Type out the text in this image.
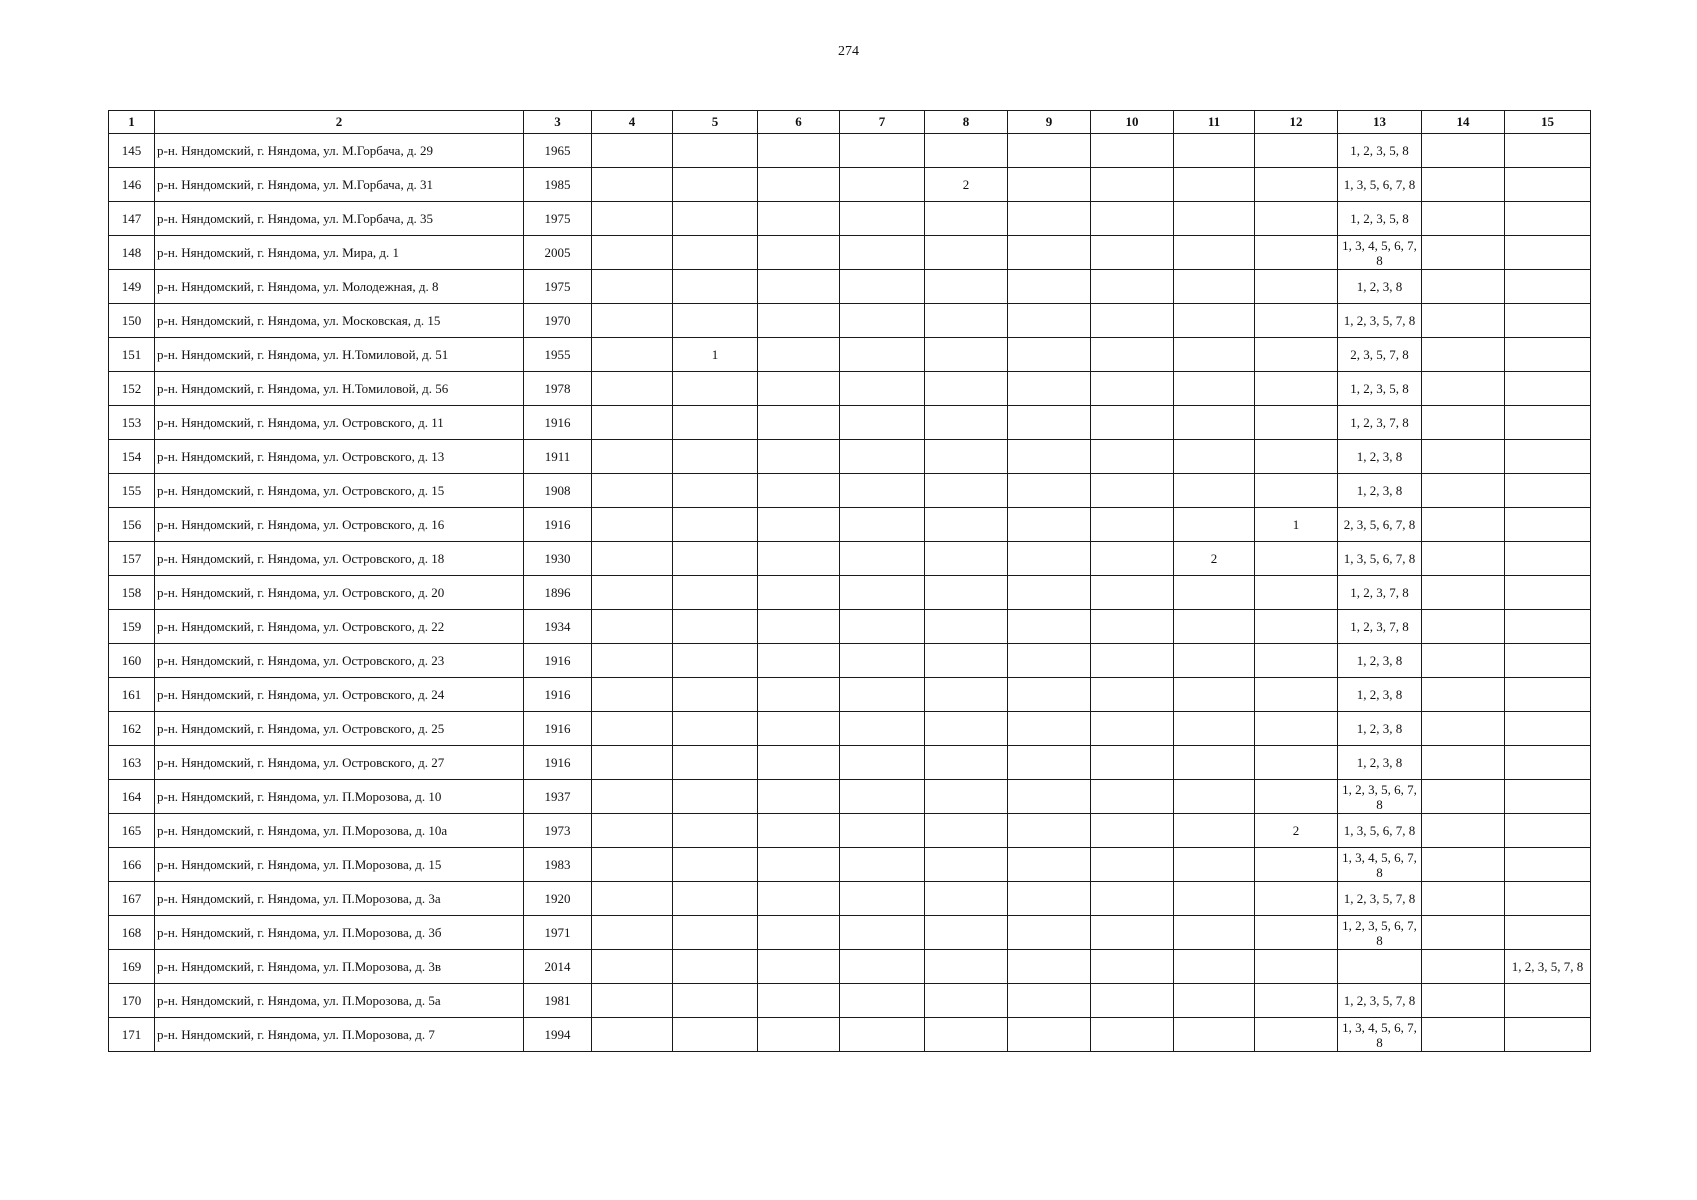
274
1	2	3	4	5	6	7	8	9	10	11	12	13	14	15
145	р-н. Няндомский, г. Няндома, ул. М.Горбача, д. 29	1965										1, 2, 3, 5, 8		
146	р-н. Няндомский, г. Няндома, ул. М.Горбача, д. 31	1985					2					1, 3, 5, 6, 7, 8		
147	р-н. Няндомский, г. Няндома, ул. М.Горбача, д. 35	1975										1, 2, 3, 5, 8		
148	р-н. Няндомский, г. Няндома, ул. Мира, д. 1	2005										1, 3, 4, 5, 6, 7, 8		
149	р-н. Няндомский, г. Няндома, ул. Молодежная, д. 8	1975										1, 2, 3, 8		
150	р-н. Няндомский, г. Няндома, ул. Московская, д. 15	1970										1, 2, 3, 5, 7, 8		
151	р-н. Няндомский, г. Няндома, ул. Н.Томиловой, д. 51	1955		1								2, 3, 5, 7, 8		
152	р-н. Няндомский, г. Няндома, ул. Н.Томиловой, д. 56	1978										1, 2, 3, 5, 8		
153	р-н. Няндомский, г. Няндома, ул. Островского, д. 11	1916										1, 2, 3, 7, 8		
154	р-н. Няндомский, г. Няндома, ул. Островского, д. 13	1911										1, 2, 3, 8		
155	р-н. Няндомский, г. Няндома, ул. Островского, д. 15	1908										1, 2, 3, 8		
156	р-н. Няндомский, г. Няндома, ул. Островского, д. 16	1916									1	2, 3, 5, 6, 7, 8		
157	р-н. Няндомский, г. Няндома, ул. Островского, д. 18	1930								2		1, 3, 5, 6, 7, 8		
158	р-н. Няндомский, г. Няндома, ул. Островского, д. 20	1896										1, 2, 3, 7, 8		
159	р-н. Няндомский, г. Няндома, ул. Островского, д. 22	1934										1, 2, 3, 7, 8		
160	р-н. Няндомский, г. Няндома, ул. Островского, д. 23	1916										1, 2, 3, 8		
161	р-н. Няндомский, г. Няндома, ул. Островского, д. 24	1916										1, 2, 3, 8		
162	р-н. Няндомский, г. Няндома, ул. Островского, д. 25	1916										1, 2, 3, 8		
163	р-н. Няндомский, г. Няндома, ул. Островского, д. 27	1916										1, 2, 3, 8		
164	р-н. Няндомский, г. Няндома, ул. П.Морозова, д. 10	1937										1, 2, 3, 5, 6, 7, 8		
165	р-н. Няндомский, г. Няндома, ул. П.Морозова, д. 10а	1973									2	1, 3, 5, 6, 7, 8		
166	р-н. Няндомский, г. Няндома, ул. П.Морозова, д. 15	1983										1, 3, 4, 5, 6, 7, 8		
167	р-н. Няндомский, г. Няндома, ул. П.Морозова, д. 3а	1920										1, 2, 3, 5, 7, 8		
168	р-н. Няндомский, г. Няндома, ул. П.Морозова, д. 3б	1971										1, 2, 3, 5, 6, 7, 8		
169	р-н. Няндомский, г. Няндома, ул. П.Морозова, д. 3в	2014												1, 2, 3, 5, 7, 8
170	р-н. Няндомский, г. Няндома, ул. П.Морозова, д. 5а	1981										1, 2, 3, 5, 7, 8		
171	р-н. Няндомский, г. Няндома, ул. П.Морозова, д. 7	1994										1, 3, 4, 5, 6, 7, 8		
